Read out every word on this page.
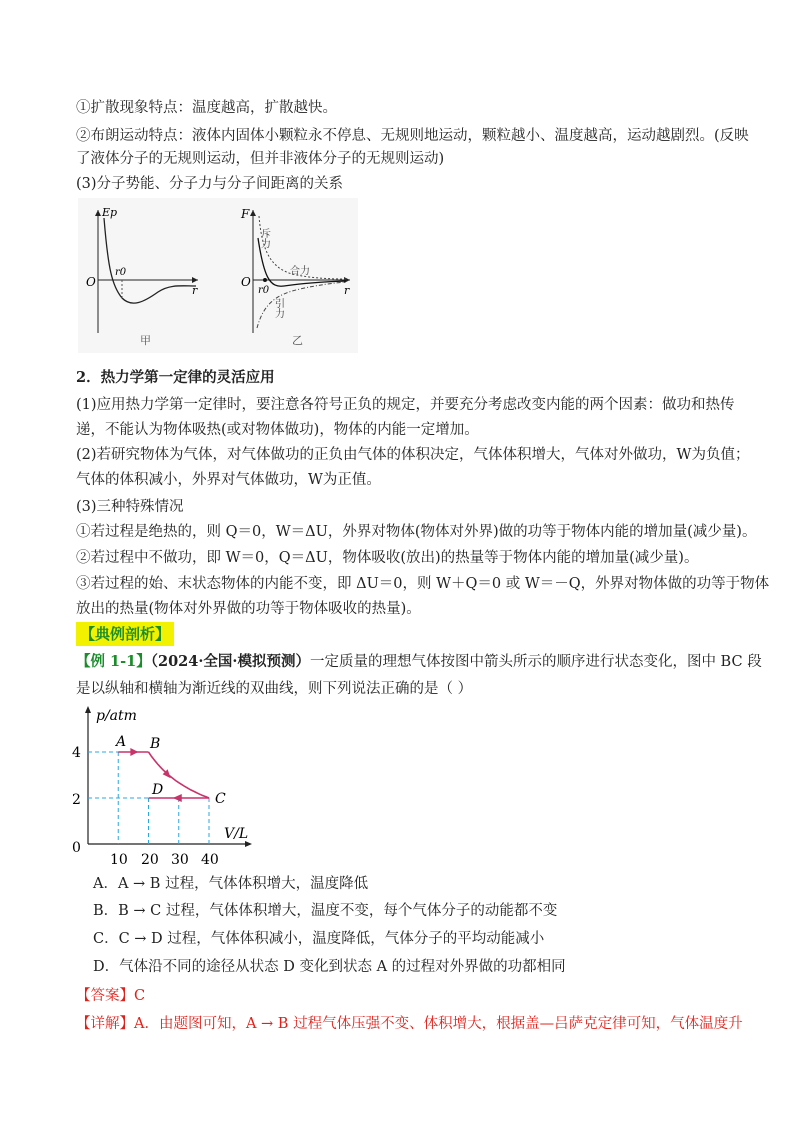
①扩散现象特点：温度越高，扩散越快。
②布朗运动特点：液体内固体小颗粒永不停息、无规则地运动，颗粒越小、温度越高，运动越剧烈。(反映
了液体分子的无规则运动，但并非液体分子的无规则运动)
(3)分子势能、分子力与分子间距离的关系
Ep
O
r0
r
甲
F
O
r0	r
斥力
合力
引力
乙
2．热力学第一定律的灵活应用
(1)应用热力学第一定律时，要注意各符号正负的规定，并要充分考虑改变内能的两个因素：做功和热传
递，不能认为物体吸热(或对物体做功)，物体的内能一定增加。
(2)若研究物体为气体，对气体做功的正负由气体的体积决定，气体体积增大，气体对外做功，W为负值；
气体的体积减小，外界对气体做功，W为正值。
(3)三种特殊情况
①若过程是绝热的，则 Q＝0，W＝ΔU，外界对物体(物体对外界)做的功等于物体内能的增加量(减少量)。
②若过程中不做功，即 W＝0，Q＝ΔU，物体吸收(放出)的热量等于物体内能的增加量(减少量)。
③若过程的始、末状态物体的内能不变，即 ΔU＝0，则 W＋Q＝0 或 W＝－Q，外界对物体做的功等于物体
放出的热量(物体对外界做的功等于物体吸收的热量)。
【典例剖析】
【例 1-1】（2024·全国·模拟预测）一定质量的理想气体按图中箭头所示的顺序进行状态变化，图中 BC 段
是以纵轴和横轴为渐近线的双曲线，则下列说法正确的是（ ）
p/atm
V/L
0
4
2
10 20 30 40
A B
C
D
A．A → B 过程，气体体积增大，温度降低
B．B → C 过程，气体体积增大，温度不变，每个气体分子的动能都不变
C．C → D 过程，气体体积减小，温度降低，气体分子的平均动能减小
D．气体沿不同的途径从状态 D 变化到状态 A 的过程对外界做的功都相同
【答案】C
【详解】A．由题图可知，A → B 过程气体压强不变、体积增大，根据盖—吕萨克定律可知，气体温度升
